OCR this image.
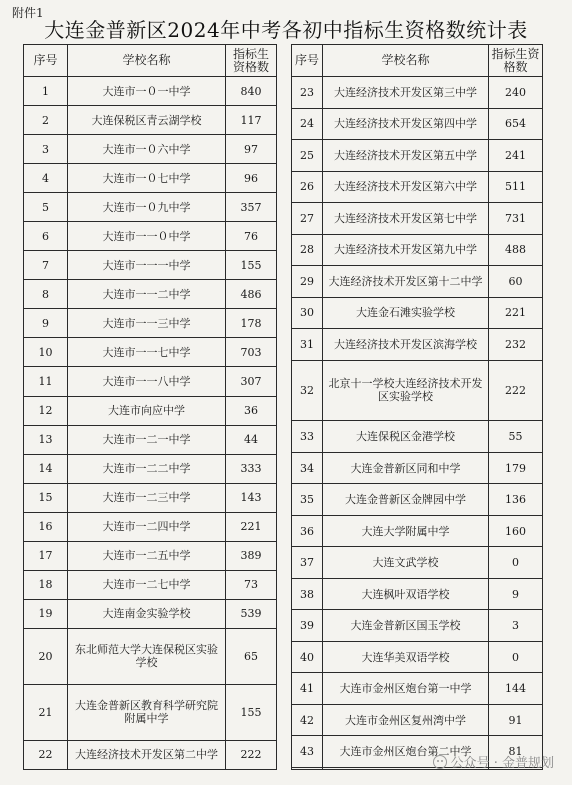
附件1
大连金普新区2024年中考各初中指标生资格数统计表
序号	学校名称	指标生资格数
1	大连市一０一中学	840
2	大连保税区青云湖学校	117
3	大连市一０六中学	97
4	大连市一０七中学	96
5	大连市一０九中学	357
6	大连市一一０中学	76
7	大连市一一一中学	155
8	大连市一一二中学	486
9	大连市一一三中学	178
10	大连市一一七中学	703
11	大连市一一八中学	307
12	大连市向应中学	36
13	大连市一二一中学	44
14	大连市一二二中学	333
15	大连市一二三中学	143
16	大连市一二四中学	221
17	大连市一二五中学	389
18	大连市一二七中学	73
19	大连南金实验学校	539
20	东北师范大学大连保税区实验学校	65
21	大连金普新区教育科学研究院附属中学	155
22	大连经济技术开发区第二中学	222
序号	学校名称	指标生资格数
23	大连经济技术开发区第三中学	240
24	大连经济技术开发区第四中学	654
25	大连经济技术开发区第五中学	241
26	大连经济技术开发区第六中学	511
27	大连经济技术开发区第七中学	731
28	大连经济技术开发区第九中学	488
29	大连经济技术开发区第十二中学	60
30	大连金石滩实验学校	221
31	大连经济技术开发区滨海学校	232
32	北京十一学校大连经济技术开发区实验学校	222
33	大连保税区金港学校	55
34	大连金普新区同和中学	179
35	大连金普新区金牌园中学	136
36	大连大学附属中学	160
37	大连文武学校	0
38	大连枫叶双语学校	9
39	大连金普新区国玉学校	3
40	大连华美双语学校	0
41	大连市金州区炮台第一中学	144
42	大连市金州区复州湾中学	91
43	大连市金州区炮台第二中学	81

公众号 · 金普规划
